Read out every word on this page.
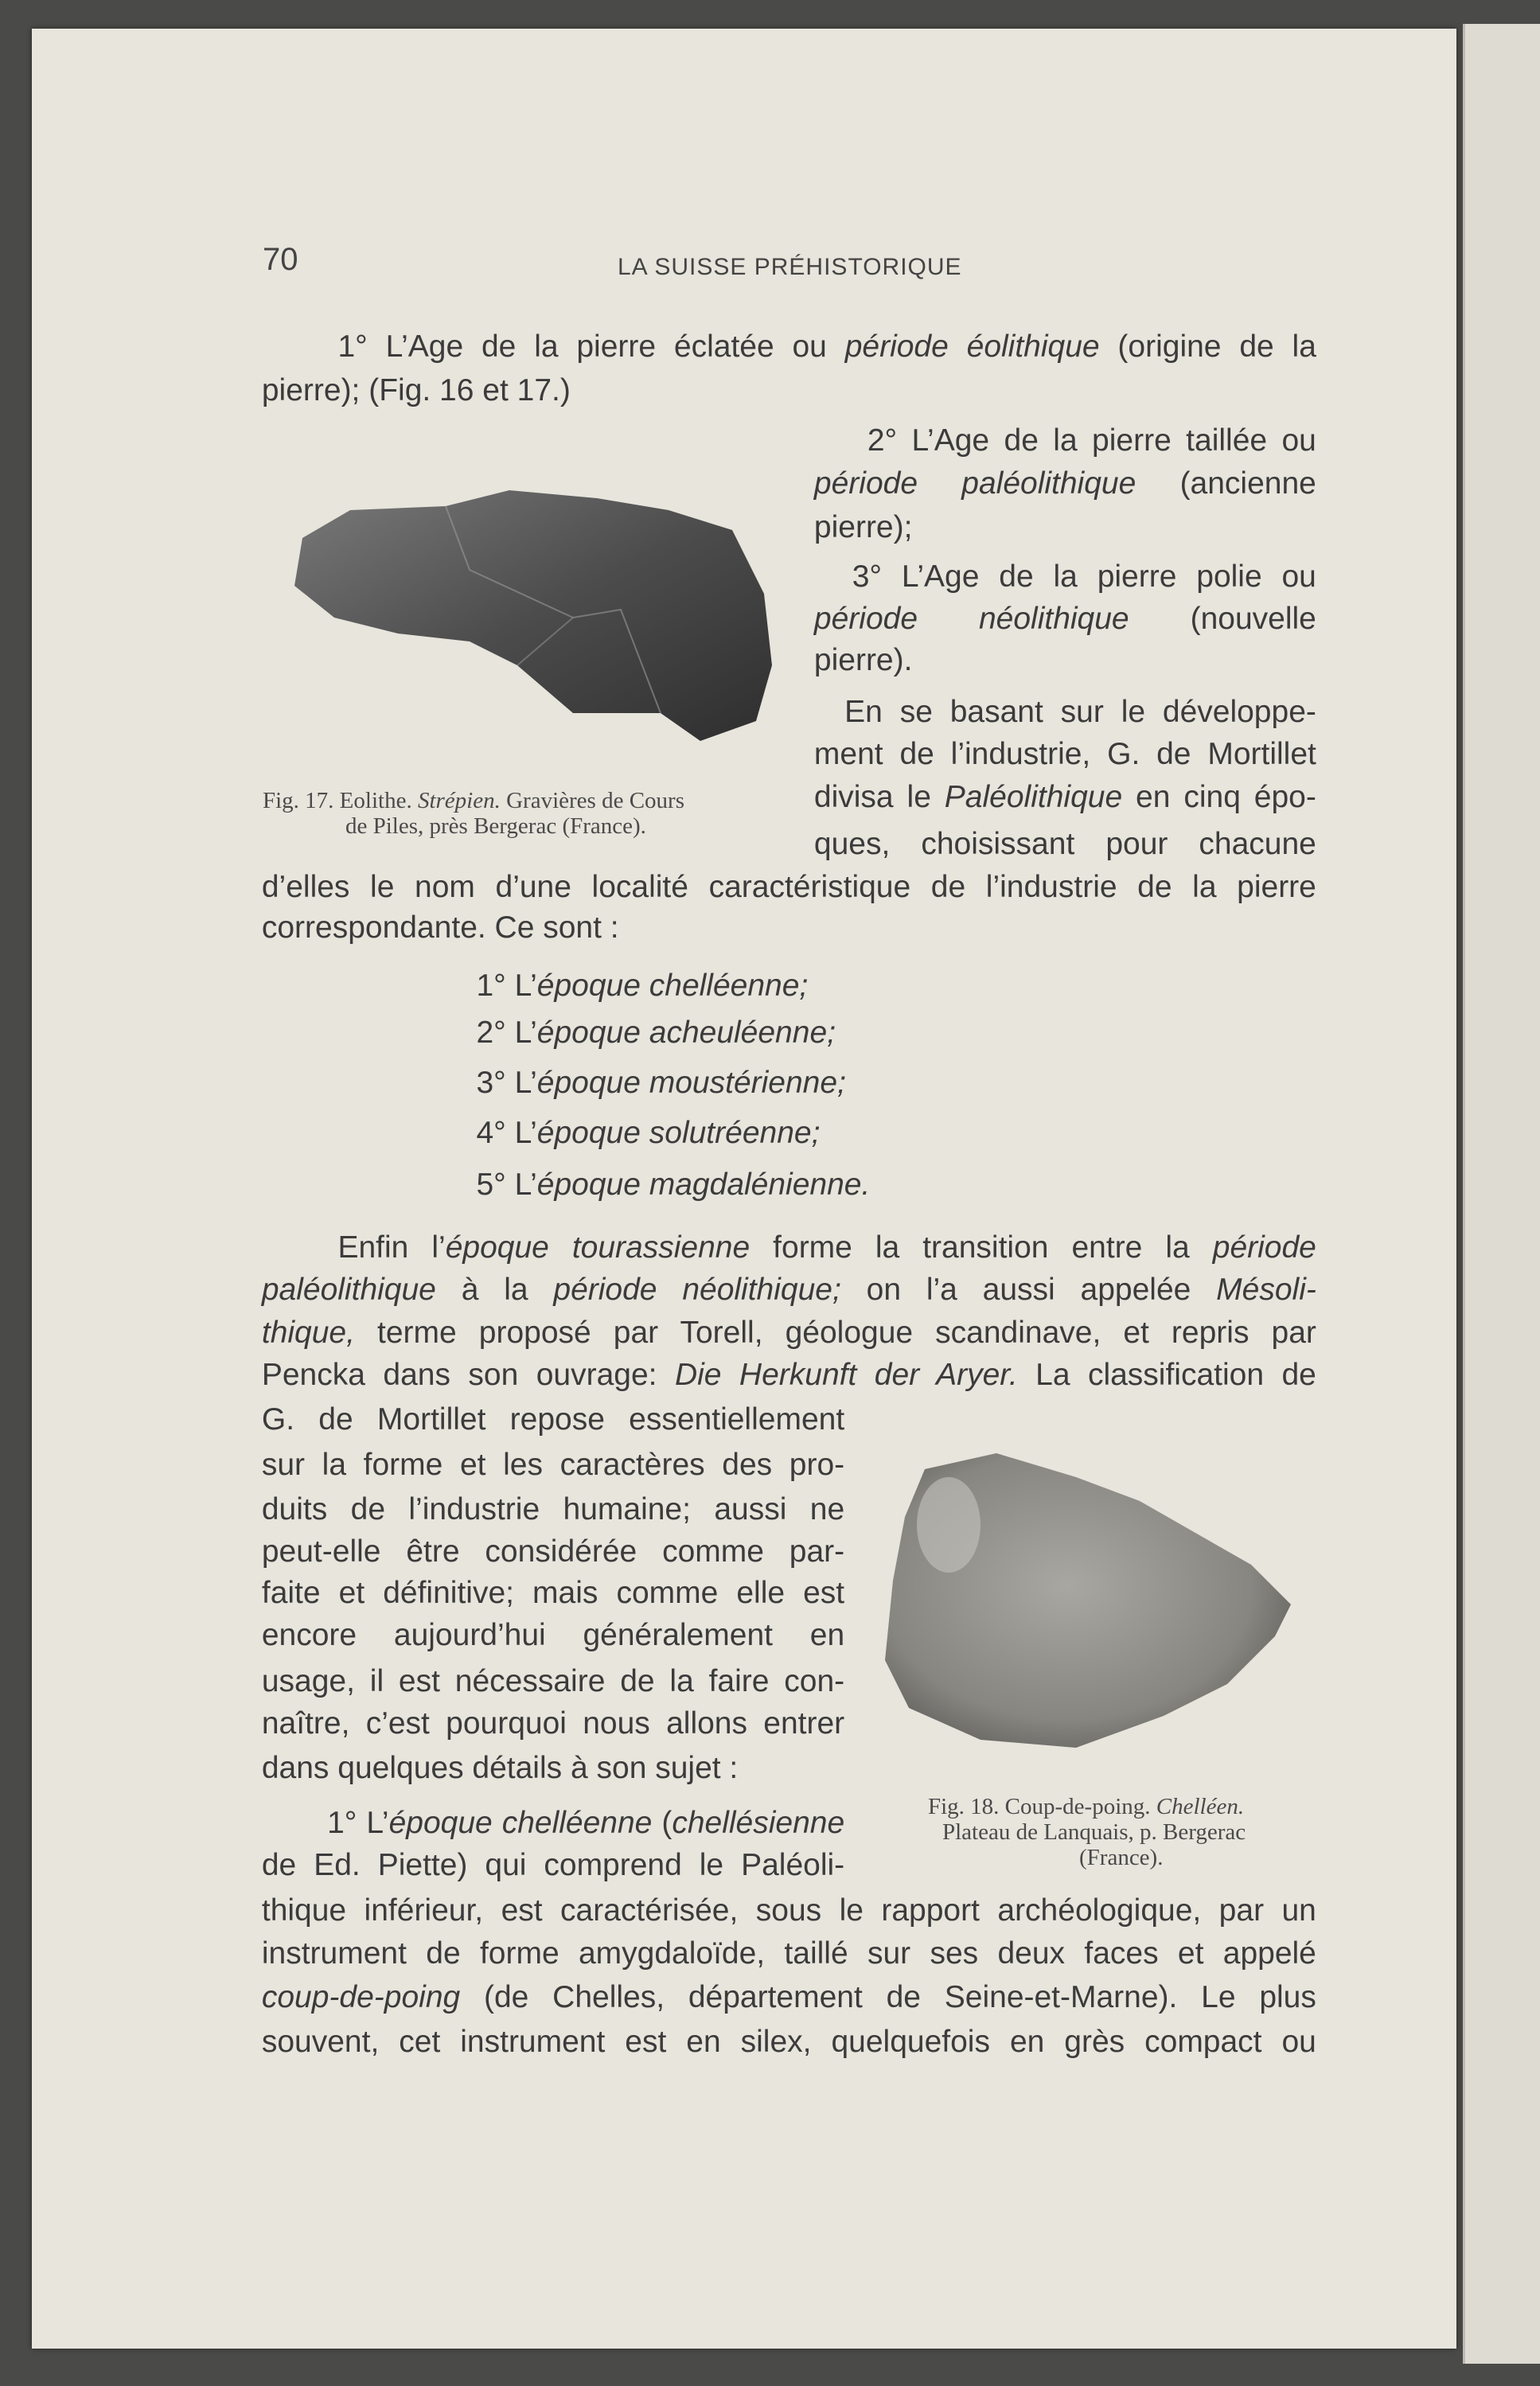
70	LA SUISSE PRÉHISTORIQUE
1° L’Age de la pierre éclatée ou période éolithique (origine de la
pierre); (Fig. 16 et 17.)
2° L’Age de la pierre taillée ou
période paléolithique (ancienne
pierre);
3° L’Age de la pierre polie ou
période néolithique (nouvelle
pierre).
En se basant sur le développe-
ment de l’industrie, G. de Mortillet
divisa le Paléolithique en cinq épo-
ques, choisissant pour chacune
d’elles le nom d’une localité caractéristique de l’industrie de la pierre
correspondante. Ce sont :
1° L’époque chelléenne;
2° L’époque acheuléenne;
3° L’époque moustérienne;
4° L’époque solutréenne;
5° L’époque magdalénienne.
Enfin l’époque tourassienne forme la transition entre la période
paléolithique à la période néolithique; on l’a aussi appelée Mésoli-
thique, terme proposé par Torell, géologue scandinave, et repris par
Pencka dans son ouvrage: Die Herkunft der Aryer. La classification de
G. de Mortillet repose essentiellement
sur la forme et les caractères des pro-
duits de l’industrie humaine; aussi ne
peut-elle être considérée comme par-
faite et définitive; mais comme elle est
encore aujourd’hui généralement en
usage, il est nécessaire de la faire con-
naître, c’est pourquoi nous allons entrer
dans quelques détails à son sujet :
1° L’époque chelléenne (chellésienne
de Ed. Piette) qui comprend le Paléoli-
thique inférieur, est caractérisée, sous le rapport archéologique, par un
instrument de forme amygdaloïde, taillé sur ses deux faces et appelé
coup-de-poing (de Chelles, département de Seine-et-Marne). Le plus
souvent, cet instrument est en silex, quelquefois en grès compact ou
Fig. 17. Eolithe. Strépien. Gravières de Cours
de Piles, près Bergerac (France).
Fig. 18. Coup-de-poing. Chelléen.
Plateau de Lanquais, p. Bergerac
(France).
